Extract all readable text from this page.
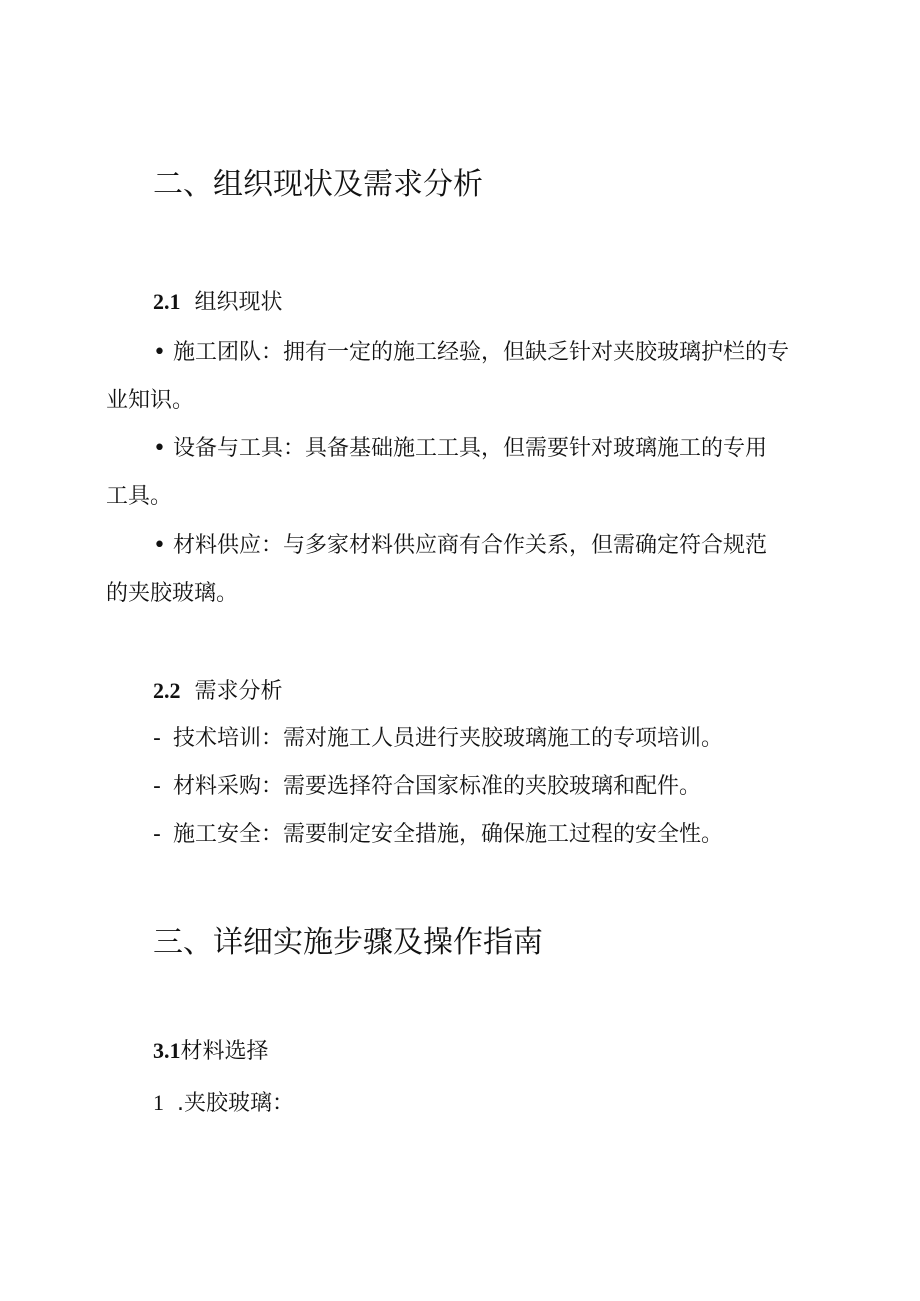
二、组织现状及需求分析
2.1 组织现状
• 施工团队：拥有一定的施工经验，但缺乏针对夹胶玻璃护栏的专
业知识。
• 设备与工具：具备基础施工工具，但需要针对玻璃施工的专用
工具。
• 材料供应：与多家材料供应商有合作关系，但需确定符合规范
的夹胶玻璃。
2.2 需求分析
- 技术培训：需对施工人员进行夹胶玻璃施工的专项培训。
- 材料采购：需要选择符合国家标准的夹胶玻璃和配件。
- 施工安全：需要制定安全措施，确保施工过程的安全性。
三、详细实施步骤及操作指南
3.1材料选择
1 .夹胶玻璃：
